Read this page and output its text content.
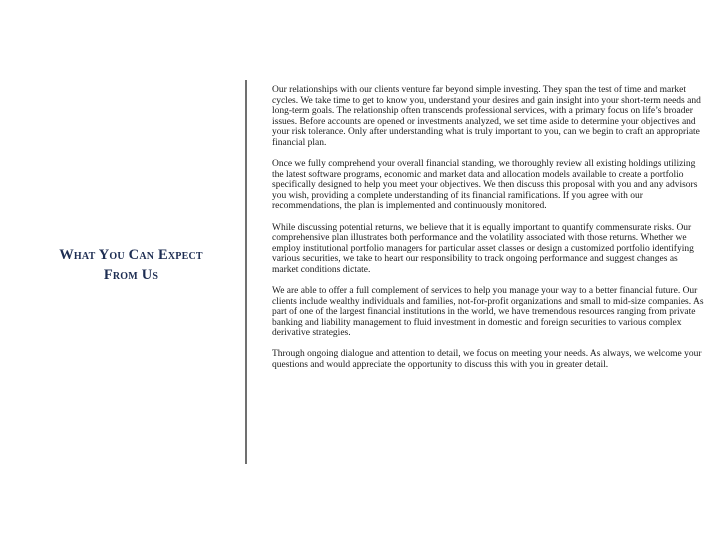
What You Can Expect
From Us

Our relationships with our clients venture far beyond simple investing. They span the test of time and market cycles. We take time to get to know you, understand your desires and gain insight into your short-term needs and long-term goals. The relationship often transcends professional services, with a primary focus on life’s broader issues. Before accounts are opened or investments analyzed, we set time aside to determine your objectives and your risk tolerance. Only after understanding what is truly important to you, can we begin to craft an appropriate financial plan.

Once we fully comprehend your overall financial standing, we thoroughly review all existing holdings utilizing the latest software programs, economic and market data and allocation models available to create a portfolio specifically designed to help you meet your objectives. We then discuss this proposal with you and any advisors you wish, providing a complete understanding of its financial ramifications. If you agree with our recommendations, the plan is implemented and continuously monitored.

While discussing potential returns, we believe that it is equally important to quantify commensurate risks. Our comprehensive plan illustrates both performance and the volatility associated with those returns. Whether we employ institutional portfolio managers for particular asset classes or design a customized portfolio identifying various securities, we take to heart our responsibility to track ongoing performance and suggest changes as market conditions dictate.

We are able to offer a full complement of services to help you manage your way to a better financial future. Our clients include wealthy individuals and families, not-for-profit organizations and small to mid-size companies. As part of one of the largest financial institutions in the world, we have tremendous resources ranging from private banking and liability management to fluid investment in domestic and foreign securities to various complex derivative strategies.

Through ongoing dialogue and attention to detail, we focus on meeting your needs. As always, we welcome your questions and would appreciate the opportunity to discuss this with you in greater detail.
